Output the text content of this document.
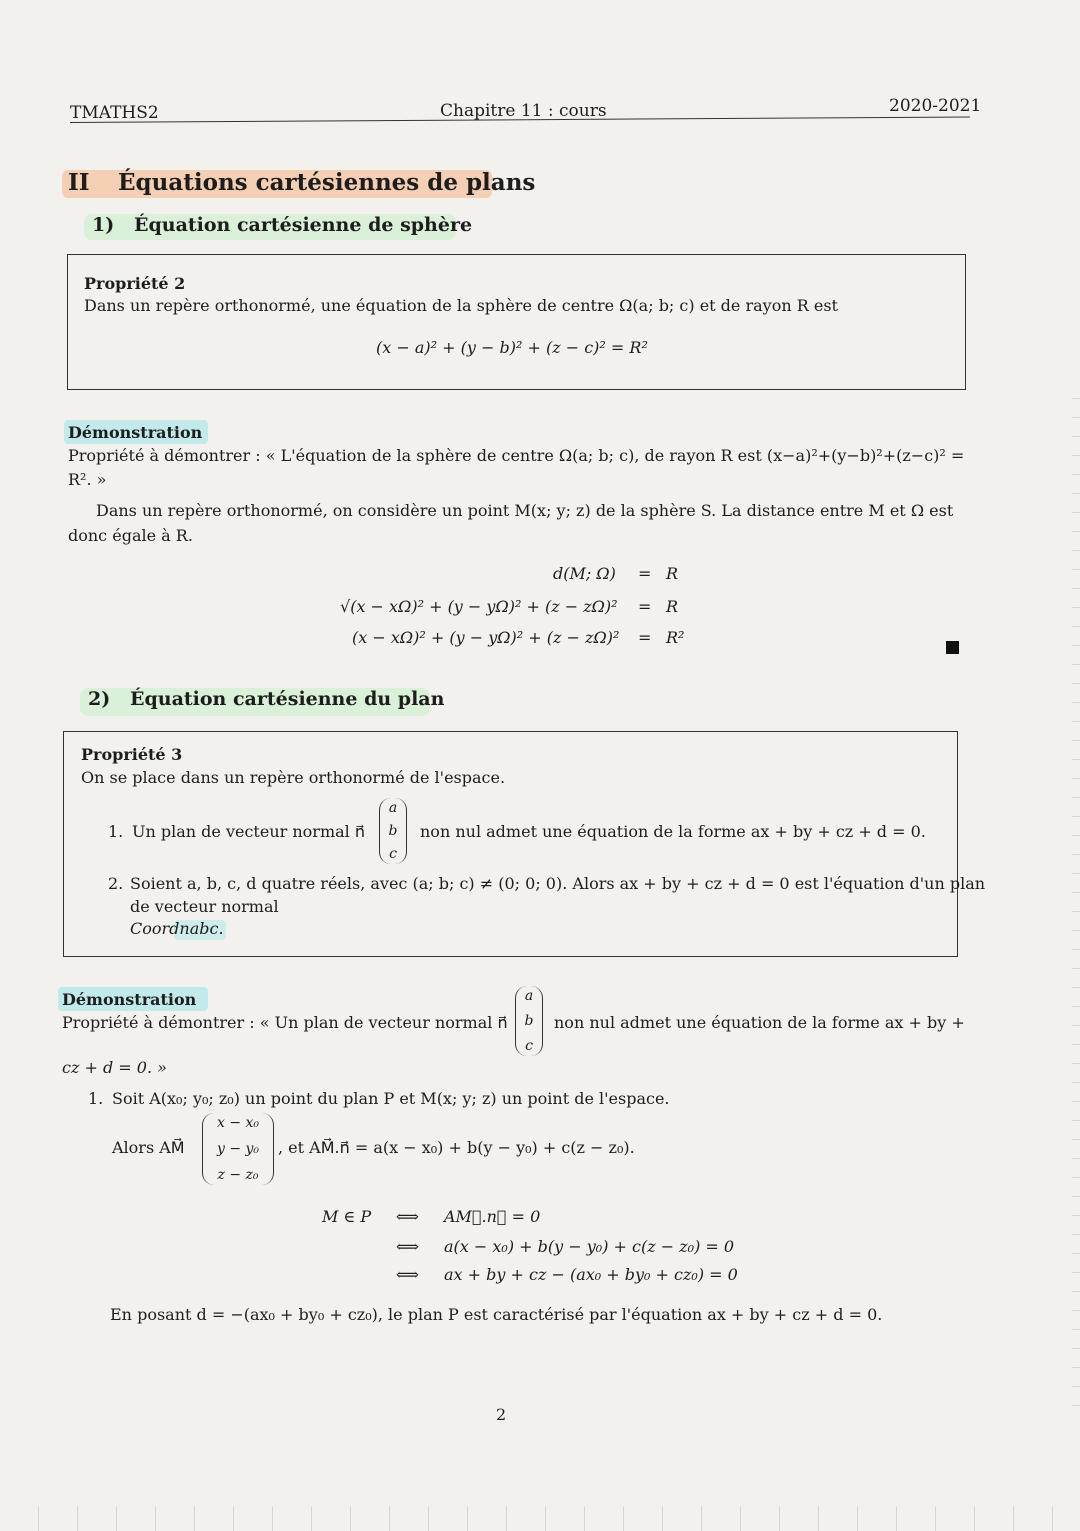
TMATHS2	Chapitre 11 : cours	2020-2021
II Équations cartésiennes de plans
1) Équation cartésienne de sphère
Propriété 2
Dans un repère orthonormé, une équation de la sphère de centre Ω(a; b; c) et de rayon R est
(x − a)² + (y − b)² + (z − c)² = R²
Démonstration
Propriété à démontrer : « L'équation de la sphère de centre Ω(a; b; c), de rayon R est (x−a)²+(y−b)²+(z−c)² =
R². »
Dans un repère orthonormé, on considère un point M(x; y; z) de la sphère S. La distance entre M et Ω est
donc égale à R.
d(M; Ω) = R
√(x − xΩ)² + (y − yΩ)² + (z − zΩ)² = R
(x − xΩ)² + (y − yΩ)² + (z − zΩ)² = R²
2) Équation cartésienne du plan
Propriété 3
On se place dans un repère orthonormé de l'espace.
1. Un plan de vecteur normal n⃗
a
b
c
non nul admet une équation de la forme ax + by + cz + d = 0.
2. Soient a, b, c, d quatre réels, avec (a; b; c) ≠ (0; 0; 0). Alors ax + by + cz + d = 0 est l'équation d'un plan
de vecteur normal
Coordnabc.
Démonstration
Propriété à démontrer : « Un plan de vecteur normal n⃗
a
b
c
non nul admet une équation de la forme ax + by +
cz + d = 0. »
1. Soit A(x₀; y₀; z₀) un point du plan P et M(x; y; z) un point de l'espace.
Alors AM⃗
x − x₀
y − y₀
z − z₀
, et AM⃗.n⃗ = a(x − x₀) + b(y − y₀) + c(z − z₀).
M ∈ P ⟺ AM⃗.n⃗ = 0
⟺ a(x − x₀) + b(y − y₀) + c(z − z₀) = 0
⟺ ax + by + cz − (ax₀ + by₀ + cz₀) = 0
En posant d = −(ax₀ + by₀ + cz₀), le plan P est caractérisé par l'équation ax + by + cz + d = 0.
2
